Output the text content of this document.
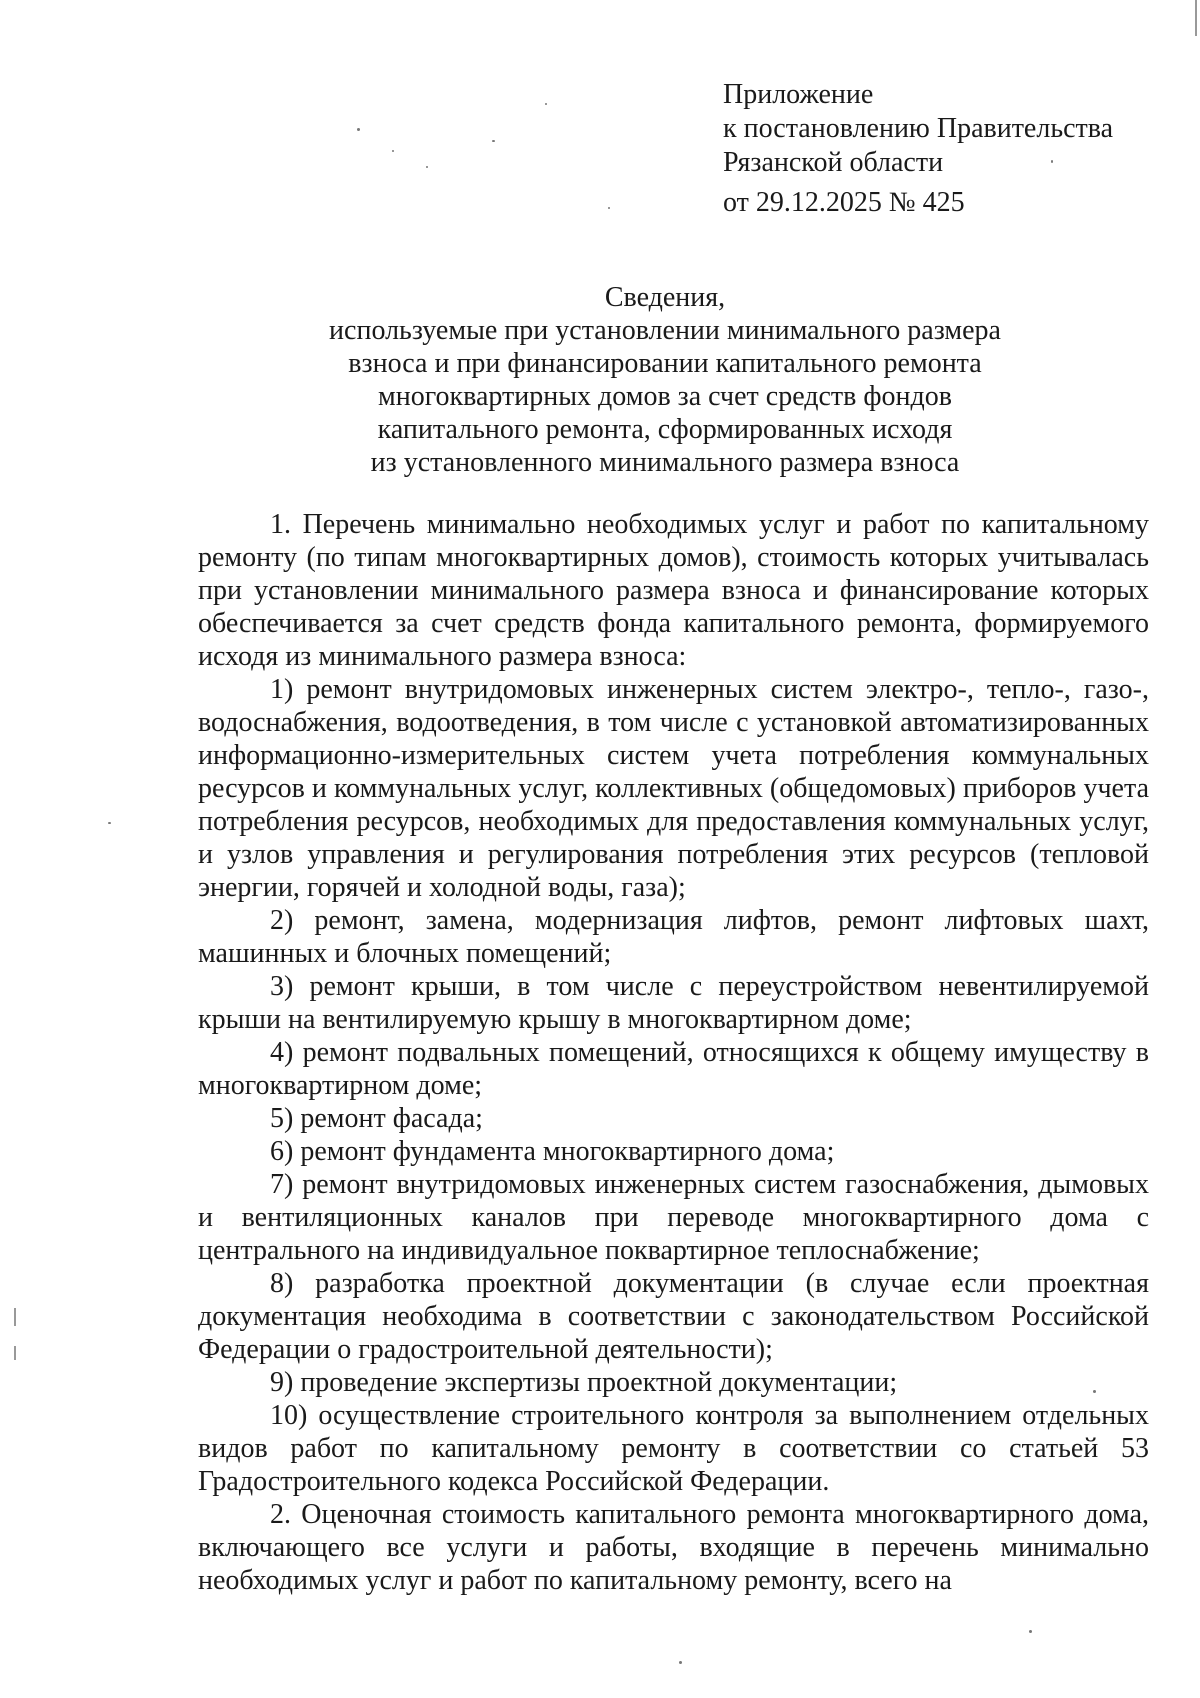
Приложение
к постановлению Правительства
Рязанской области
от 29.12.2025 № 425
Сведения,
используемые при установлении минимального размера
взноса и при финансировании капитального ремонта
многоквартирных домов за счет средств фондов
капитального ремонта, сформированных исходя
из установленного минимального размера взноса

1. Перечень минимально необходимых услуг и работ по капитальному ремонту (по типам многоквартирных домов), стоимость которых учитывалась при установлении минимального размера взноса и финансирование которых обеспечивается за счет средств фонда капитального ремонта, формируемого исходя из минимального размера взноса:

1) ремонт внутридомовых инженерных систем электро-, тепло-, газо-, водоснабжения, водоотведения, в том числе с установкой автоматизированных информационно-измерительных систем учета потребления коммунальных ресурсов и коммунальных услуг, коллективных (общедомовых) приборов учета потребления ресурсов, необходимых для предоставления коммунальных услуг, и узлов управления и регулирования потребления этих ресурсов (тепловой энергии, горячей и холодной воды, газа);

2) ремонт, замена, модернизация лифтов, ремонт лифтовых шахт, машинных и блочных помещений;

3) ремонт крыши, в том числе с переустройством невентилируемой крыши на вентилируемую крышу в многоквартирном доме;

4) ремонт подвальных помещений, относящихся к общему имуществу в многоквартирном доме;

5) ремонт фасада;

6) ремонт фундамента многоквартирного дома;

7) ремонт внутридомовых инженерных систем газоснабжения, дымовых и вентиляционных каналов при переводе многоквартирного дома с центрального на индивидуальное поквартирное теплоснабжение;

8) разработка проектной документации (в случае если проектная документация необходима в соответствии с законодательством Российской Федерации о градостроительной деятельности);

9) проведение экспертизы проектной документации;

10) осуществление строительного контроля за выполнением отдельных видов работ по капитальному ремонту в соответствии со статьей 53 Градостроительного кодекса Российской Федерации.

2. Оценочная стоимость капитального ремонта многоквартирного дома, включающего все услуги и работы, входящие в перечень минимально необходимых услуг и работ по капитальному ремонту, всего на
